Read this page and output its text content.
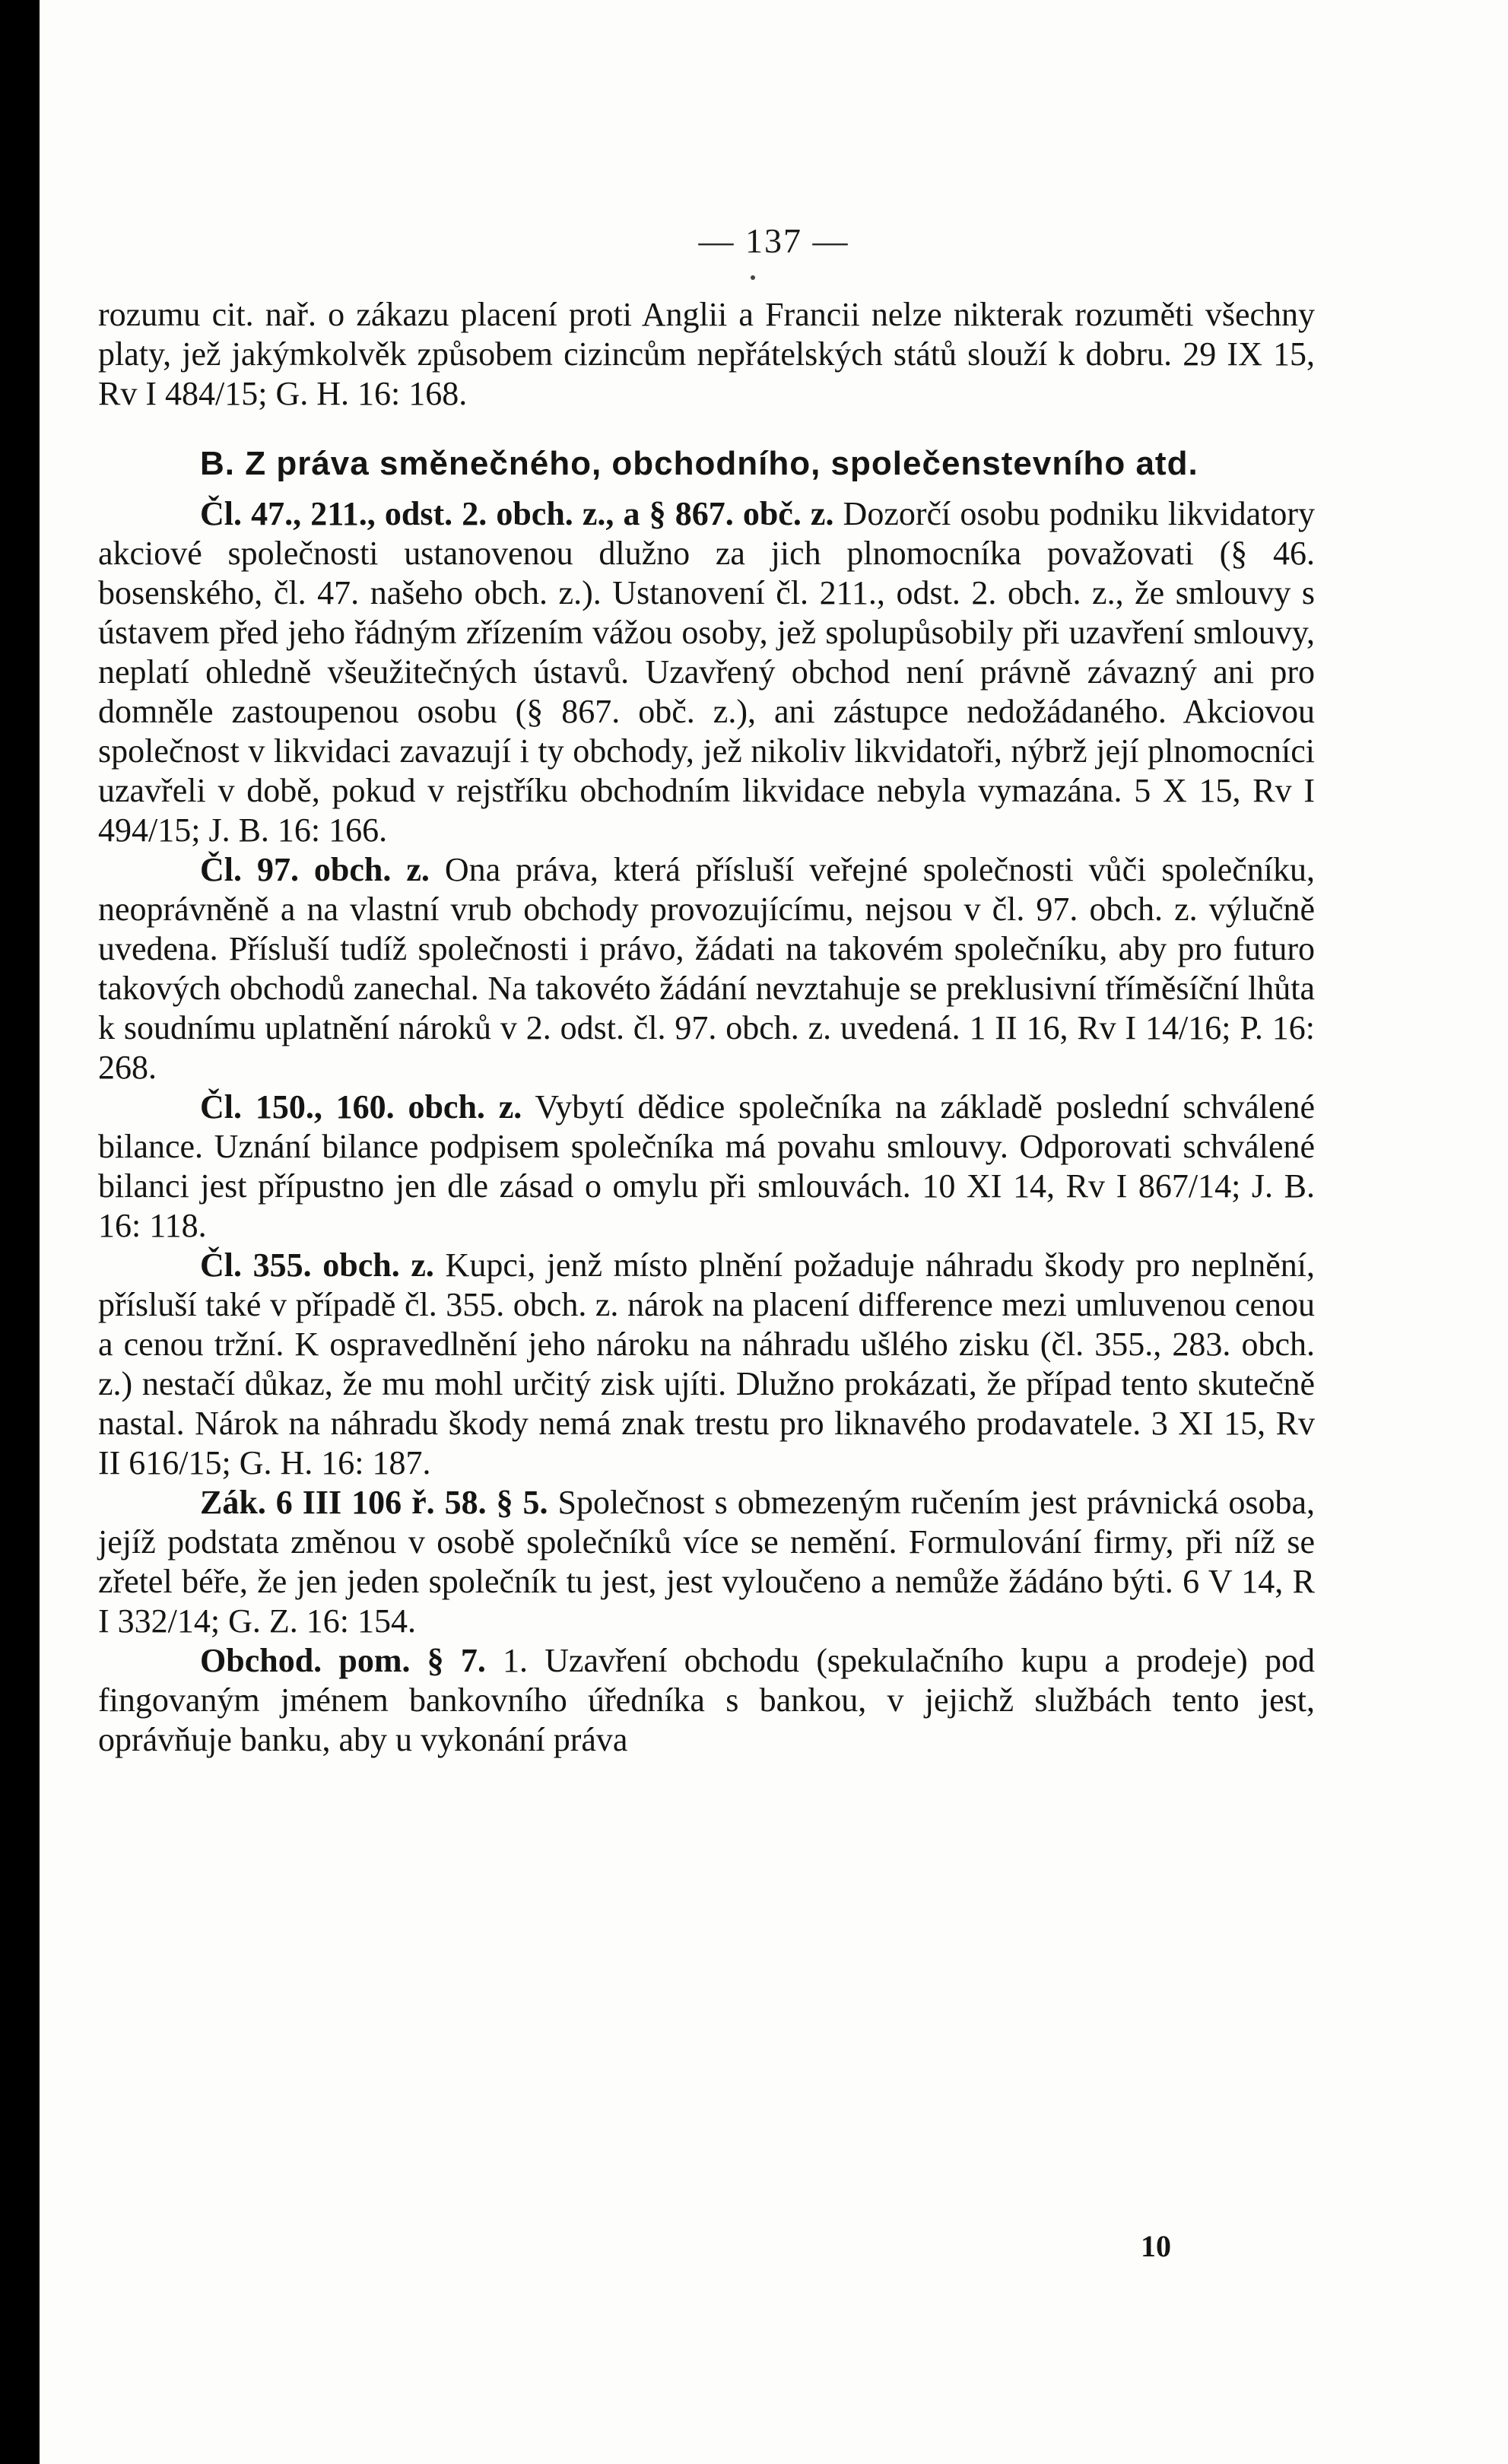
— 137 —

rozumu cit. nař. o zákazu placení proti Anglii a Francii nelze nikterak rozuměti všechny platy, jež jakýmkolvěk způsobem cizincům nepřátelských států slouží k dobru. 29 IX 15, Rv I 484/15; G. H. 16: 168.

B. Z práva směnečného, obchodního, společenstevního atd.

Čl. 47., 211., odst. 2. obch. z., a § 867. obč. z. Dozorčí osobu podniku likvidatory akciové společnosti ustanovenou dlužno za jich plnomocníka považovati (§ 46. bosenského, čl. 47. našeho obch. z.). Ustanovení čl. 211., odst. 2. obch. z., že smlouvy s ústavem před jeho řádným zřízením vážou osoby, jež spolupůsobily při uzavření smlouvy, neplatí ohledně všeužitečných ústavů. Uzavřený obchod není právně závazný ani pro domněle zastoupenou osobu (§ 867. obč. z.), ani zástupce nedožádaného. Akciovou společnost v likvidaci zavazují i ty obchody, jež nikoliv likvidatoři, nýbrž její plnomocníci uzavřeli v době, pokud v rejstříku obchodním likvidace nebyla vymazána. 5 X 15, Rv I 494/15; J. B. 16: 166.

Čl. 97. obch. z. Ona práva, která přísluší veřejné společnosti vůči společníku, neoprávněně a na vlastní vrub obchody provozujícímu, nejsou v čl. 97. obch. z. výlučně uvedena. Přísluší tudíž společnosti i právo, žádati na takovém společníku, aby pro futuro takových obchodů zanechal. Na takovéto žádání nevztahuje se preklusivní tříměsíční lhůta k soudnímu uplatnění nároků v 2. odst. čl. 97. obch. z. uvedená. 1 II 16, Rv I 14/16; P. 16: 268.

Čl. 150., 160. obch. z. Vybytí dědice společníka na základě poslední schválené bilance. Uznání bilance podpisem společníka má povahu smlouvy. Odporovati schválené bilanci jest přípustno jen dle zásad o omylu při smlouvách. 10 XI 14, Rv I 867/14; J. B. 16: 118.

Čl. 355. obch. z. Kupci, jenž místo plnění požaduje náhradu škody pro neplnění, přísluší také v případě čl. 355. obch. z. nárok na placení difference mezi umluvenou cenou a cenou tržní. K ospravedlnění jeho nároku na náhradu ušlého zisku (čl. 355., 283. obch. z.) nestačí důkaz, že mu mohl určitý zisk ujíti. Dlužno prokázati, že případ tento skutečně nastal. Nárok na náhradu škody nemá znak trestu pro liknavého prodavatele. 3 XI 15, Rv II 616/15; G. H. 16: 187.

Zák. 6 III 106 ř. 58. § 5. Společnost s obmezeným ručením jest právnická osoba, jejíž podstata změnou v osobě společníků více se nemění. Formulování firmy, při níž se zřetel béře, že jen jeden společník tu jest, jest vyloučeno a nemůže žádáno býti. 6 V 14, R I 332/14; G. Z. 16: 154.

Obchod. pom. § 7. 1. Uzavření obchodu (spekulačního kupu a prodeje) pod fingovaným jménem bankovního úředníka s bankou, v jejichž službách tento jest, oprávňuje banku, aby u vykonání práva

10
